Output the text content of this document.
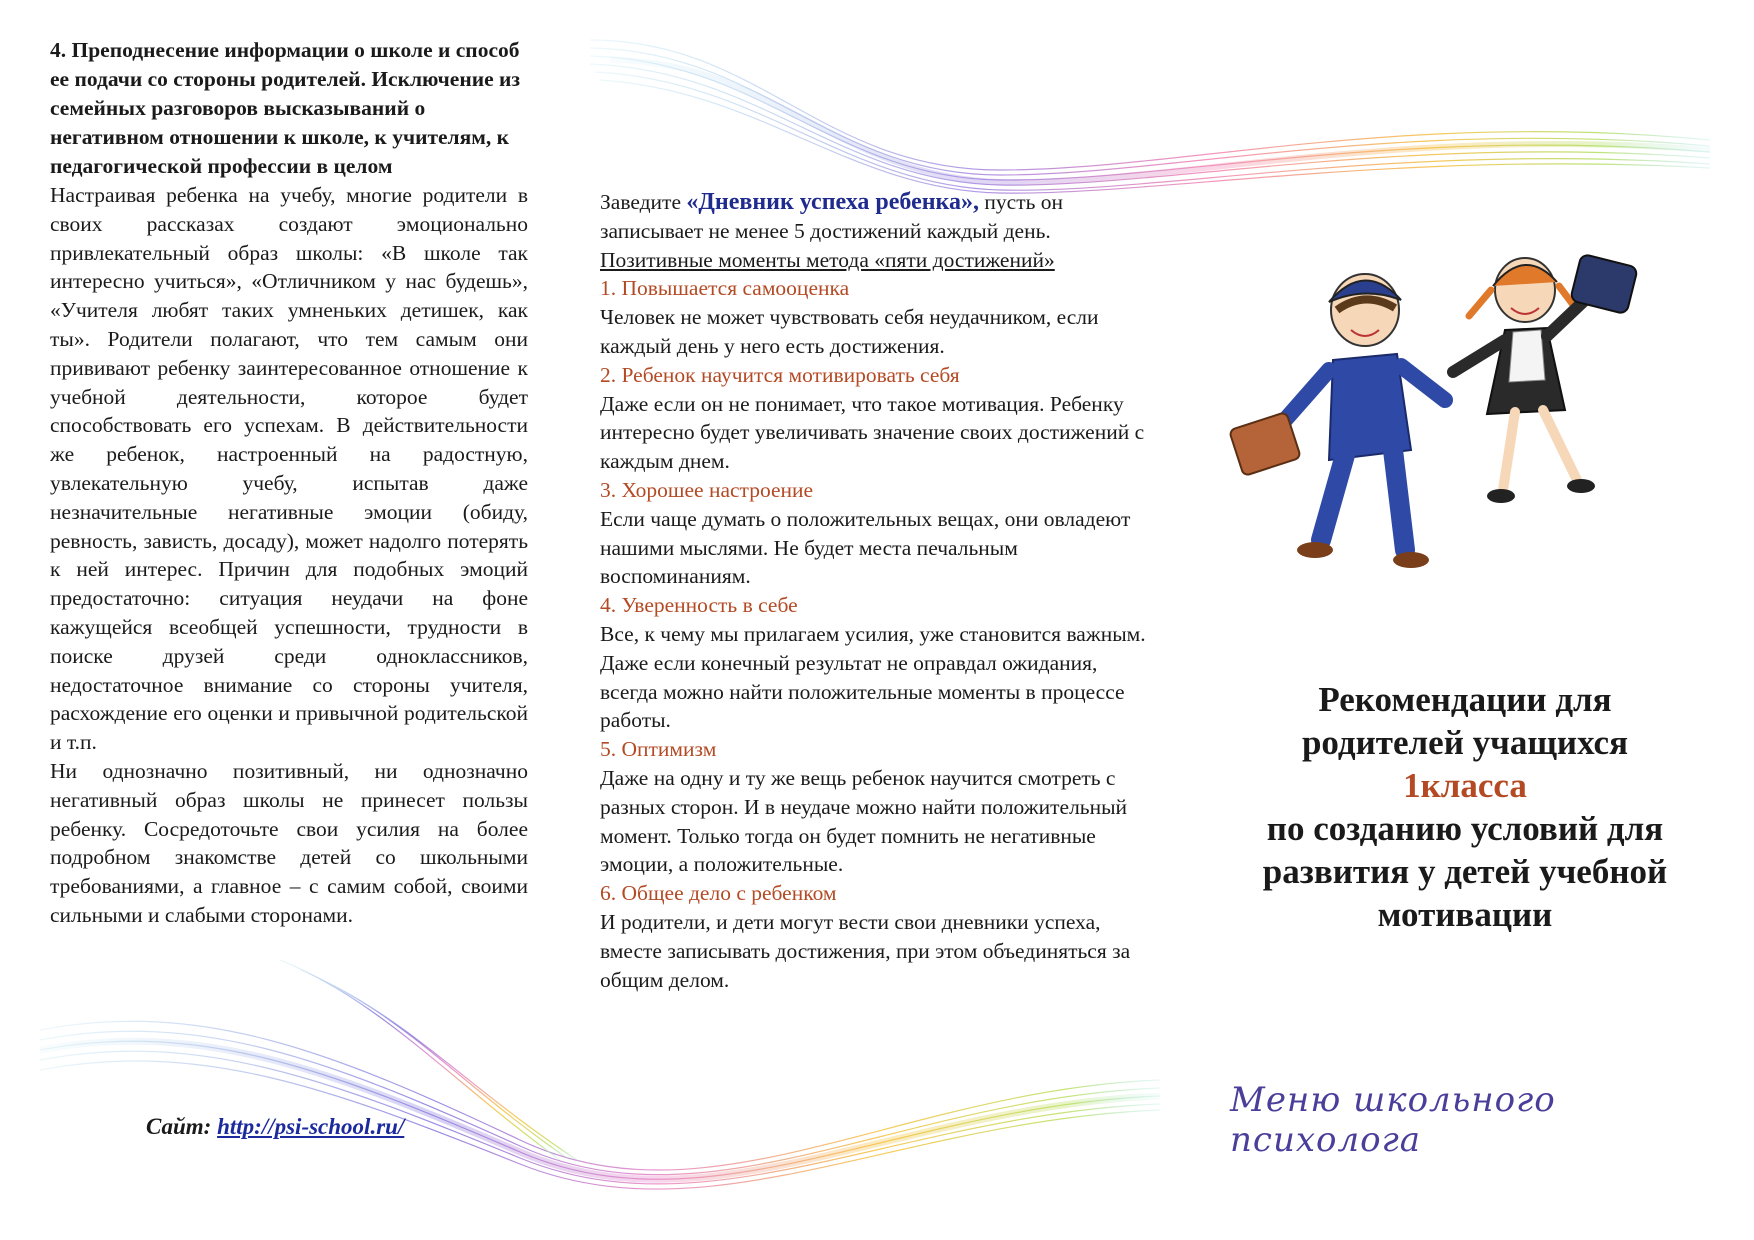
4. Преподнесение информации о школе и способ ее подачи со стороны родителей. Исключение из семейных разговоров высказываний о негативном отношении к школе, к учителям, к педагогической профессии в целом

Настраивая ребенка на учебу, многие родители в своих рассказах создают эмоционально привлекательный образ школы: «В школе так интересно учиться», «Отличником у нас будешь», «Учителя любят таких умненьких детишек, как ты». Родители полагают, что тем самым они прививают ребенку заинтересованное отношение к учебной деятельности, которое будет способствовать его успехам. В действительности же ребенок, настроенный на радостную, увлекательную учебу, испытав даже незначительные негативные эмоции (обиду, ревность, зависть, досаду), может надолго потерять к ней интерес. Причин для подобных эмоций предостаточно: ситуация неудачи на фоне кажущейся всеобщей успешности, трудности в поиске друзей среди одноклассников, недостаточное внимание со стороны учителя, расхождение его оценки и привычной родительской и т.п.

Ни однозначно позитивный, ни однозначно негативный образ школы не принесет пользы ребенку. Сосредоточьте свои усилия на более подробном знакомстве детей со школьными требованиями, а главное – с самим собой, своими сильными и слабыми сторонами.

Сайт: http://psi-school.ru/

Заведите «Дневник успеха ребенка», пусть он записывает не менее 5 достижений каждый день.

Позитивные моменты метода «пяти достижений»

1. Повышается самооценка

Человек не может чувствовать себя неудачником, если каждый день у него есть достижения.

2. Ребенок научится мотивировать себя

Даже если он не понимает, что такое мотивация. Ребенку интересно будет увеличивать значение своих достижений с каждым днем.

3. Хорошее настроение

Если чаще думать о положительных вещах, они овладеют нашими мыслями. Не будет места печальным воспоминаниям.

4. Уверенность в себе

Все, к чему мы прилагаем усилия, уже становится важным. Даже если конечный результат не оправдал ожидания, всегда можно найти положительные моменты в процессе работы.

5. Оптимизм

Даже на одну и ту же вещь ребенок научится смотреть с разных сторон. И в неудаче можно найти положительный момент. Только тогда он будет помнить не негативные эмоции, а положительные.

6. Общее дело с ребенком

И родители, и дети могут вести свои дневники успеха, вместе записывать достижения, при этом объединяться за общим делом.

Рекомендации для
родителей учащихся
1класса
по созданию условий для
развития у детей учебной
мотивации
Меню школьного психолога
